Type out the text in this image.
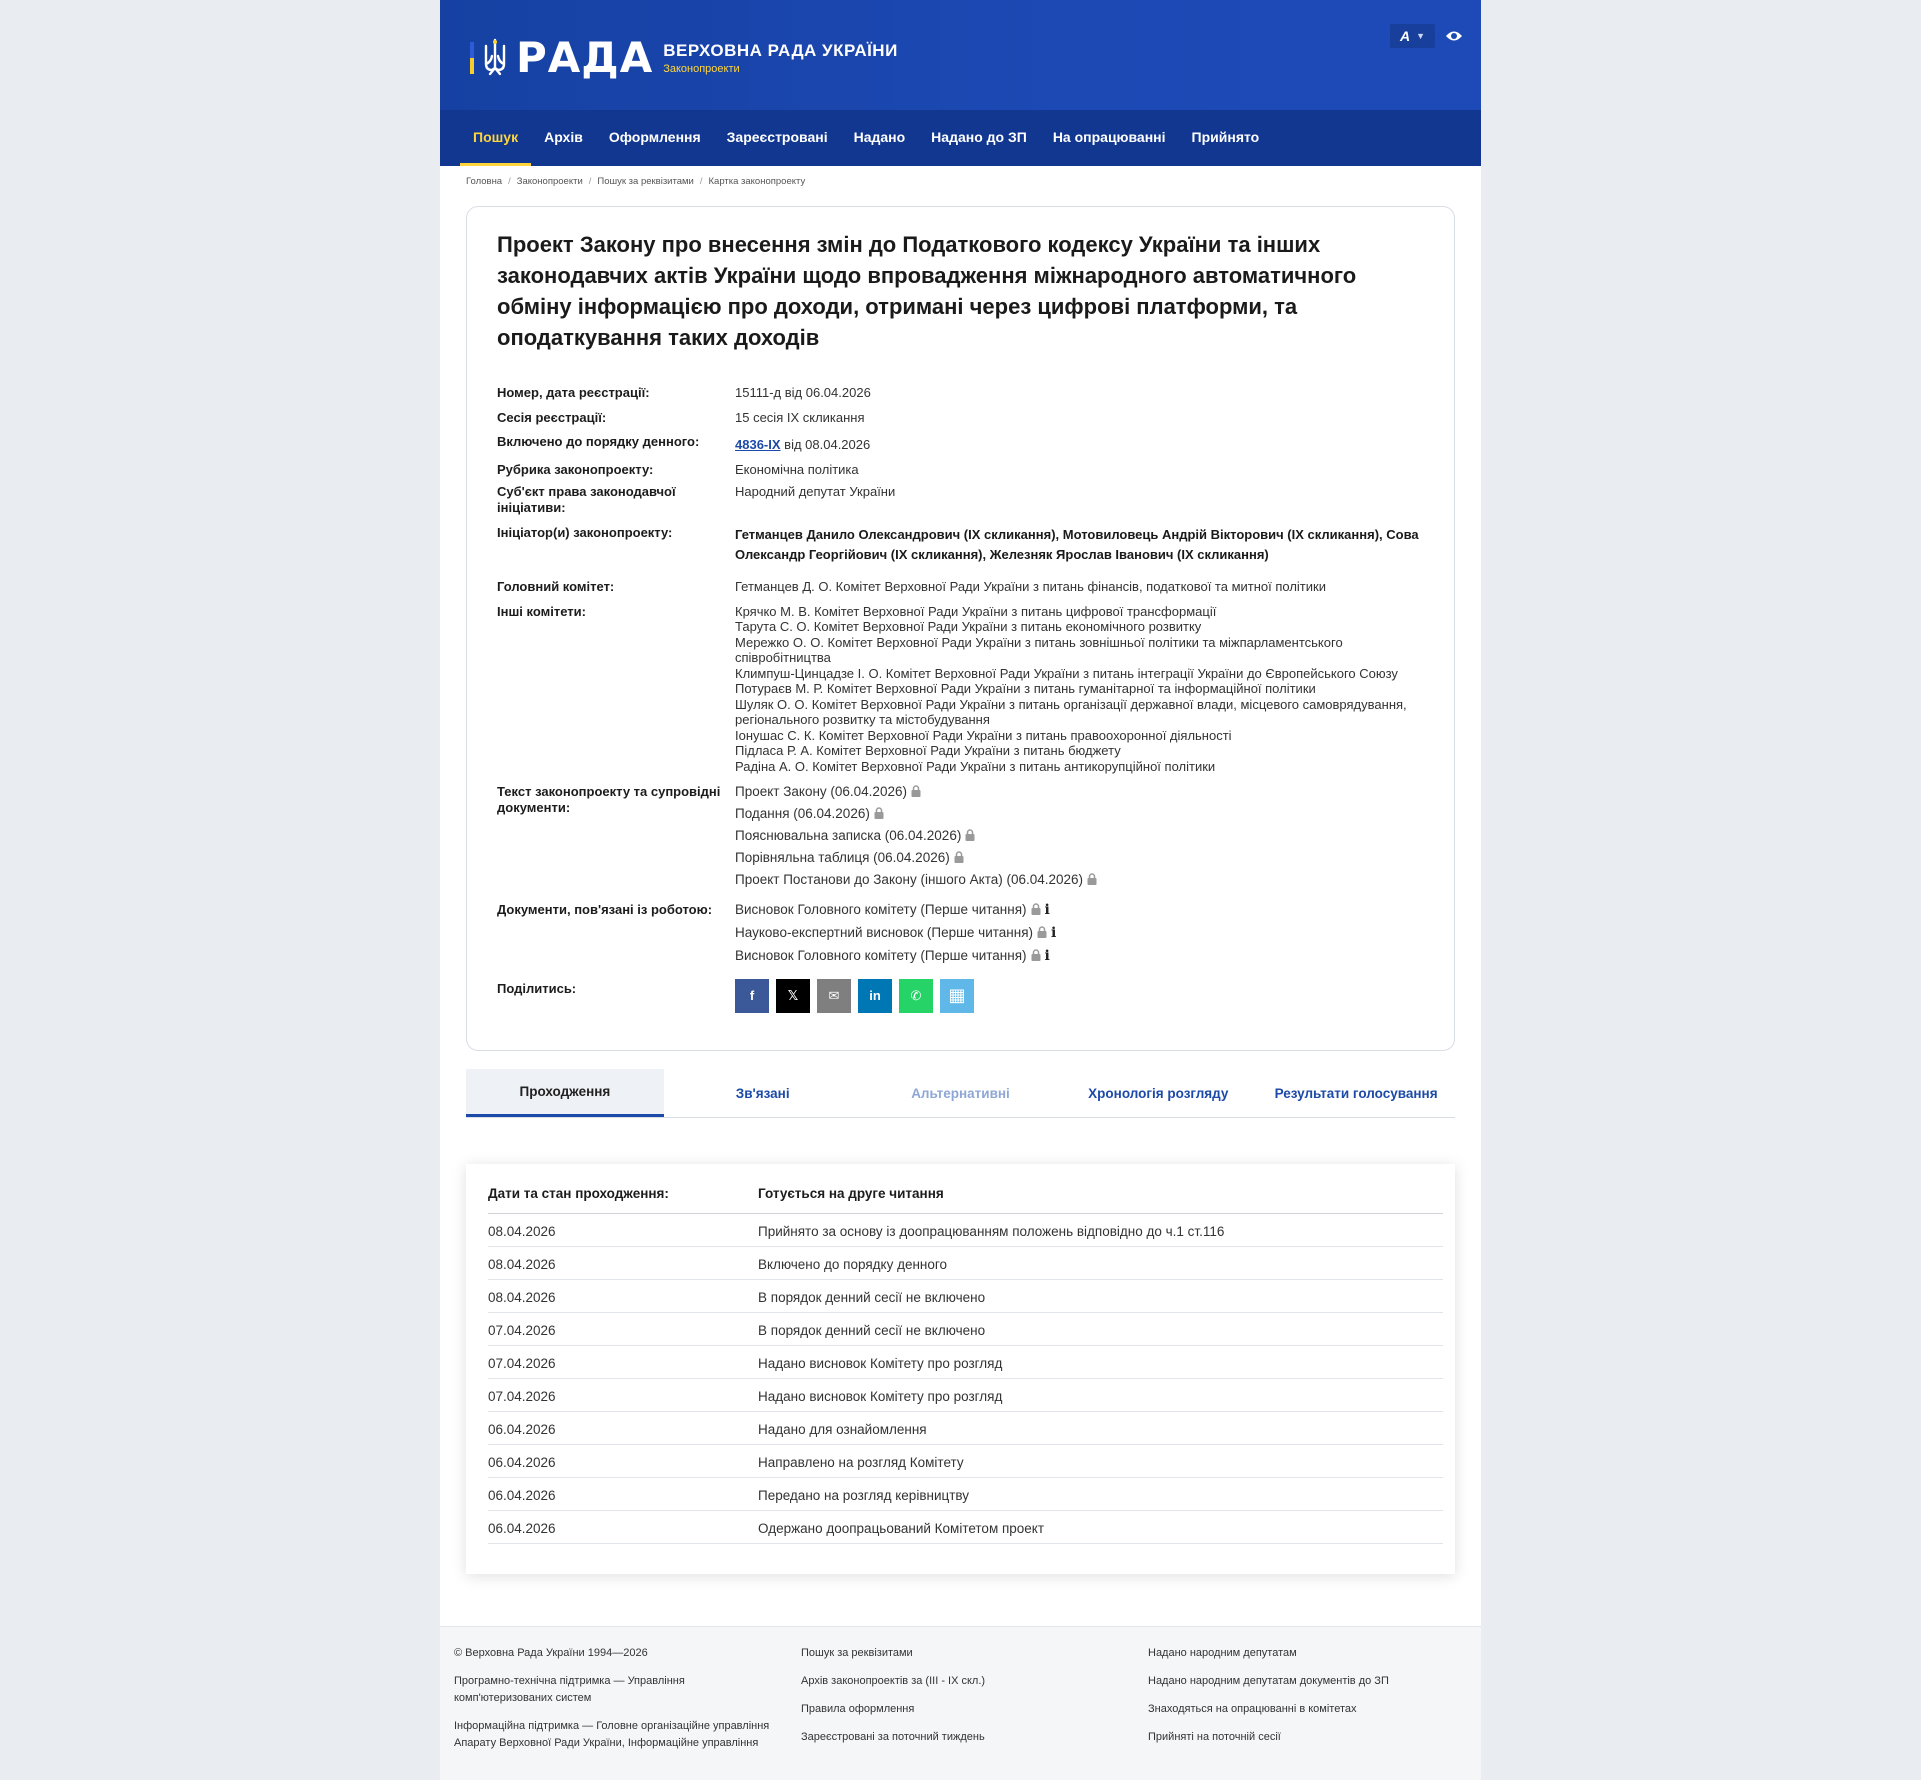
РАДА ВЕРХОВНА РАДА УКРАЇНИ
Законопроекти
A ▼
Пошук	Архів	Оформлення	Зареєстровані	Надано	Надано до ЗП	На опрацюванні	Прийнято
Головна / Законопроекти / Пошук за реквізитами / Картка законопроекту
Проект Закону про внесення змін до Податкового кодексу України та інших законодавчих актів України щодо впровадження міжнародного автоматичного обміну інформацією про доходи, отримані через цифрові платформи, та оподаткування таких доходів
Номер, дата реєстрації:	15111-д від 06.04.2026
Сесія реєстрації:	15 сесія IX скликання
Включено до порядку денного:	4836-IX від 08.04.2026
Рубрика законопроекту:	Економічна політика
Суб'єкт права законодавчої ініціативи:
Народний депутат України
Ініціатор(и) законопроекту:	Гетманцев Данило Олександрович (IX скликання), Мотовиловець Андрій Вікторович (IX скликання), Сова Олександр Георгійович (IX скликання), Железняк Ярослав Іванович (IX скликання)
Головний комітет:	Гетманцев Д. О. Комітет Верховної Ради України з питань фінансів, податкової та митної політики
Інші комітети:	Крячко М. В. Комітет Верховної Ради України з питань цифрової трансформації
Тарута С. О. Комітет Верховної Ради України з питань економічного розвитку
Мережко О. О. Комітет Верховної Ради України з питань зовнішньої політики та міжпарламентського співробітництва
Климпуш-Цинцадзе І. О. Комітет Верховної Ради України з питань інтеграції України до Європейського Союзу
Потураєв М. Р. Комітет Верховної Ради України з питань гуманітарної та інформаційної політики
Шуляк О. О. Комітет Верховної Ради України з питань організації державної влади, місцевого самоврядування, регіонального розвитку та містобудування
Іонушас С. К. Комітет Верховної Ради України з питань правоохоронної діяльності
Підласа Р. А. Комітет Верховної Ради України з питань бюджету
Радіна А. О. Комітет Верховної Ради України з питань антикорупційної політики
Текст законопроекту та супровідні документи:
Проект Закону (06.04.2026)
Подання (06.04.2026)
Пояснювальна записка (06.04.2026)
Порівняльна таблиця (06.04.2026)
Проект Постанови до Закону (іншого Акта) (06.04.2026)
Документи, пов'язані із роботою:	Висновок Головного комітету (Перше читання) i
Науково-експертний висновок (Перше читання) i
Висновок Головного комітету (Перше читання) i
Поділитись:	f	𝕏 ✉ in ✆ ▦
Проходження	Зв'язані	Альтернативні	Хронологія розгляду	Результати голосування
Дати та стан проходження:	Готується на друге читання
08.04.2026	Прийнято за основу із доопрацюванням положень відповідно до ч.1 ст.116
08.04.2026	Включено до порядку денного
08.04.2026	В порядок денний сесії не включено
07.04.2026	В порядок денний сесії не включено
07.04.2026	Надано висновок Комітету про розгляд
07.04.2026	Надано висновок Комітету про розгляд
06.04.2026	Надано для ознайомлення
06.04.2026	Направлено на розгляд Комітету
06.04.2026	Передано на розгляд керівництву
06.04.2026	Одержано доопрацьований Комітетом проект
© Верховна Рада України 1994—2026
Програмно-технічна підтримка — Управління комп'ютеризованих систем
Інформаційна підтримка — Головне організаційне управління Апарату Верховної Ради України, Інформаційне управління
Пошук за реквізитами
Архів законопроектів за (III - IX скл.)
Правила оформлення
Зареєстровані за поточний тиждень
Надано народним депутатам
Надано народним депутатам документів до ЗП
Знаходяться на опрацюванні в комітетах
Прийняті на поточній сесії
